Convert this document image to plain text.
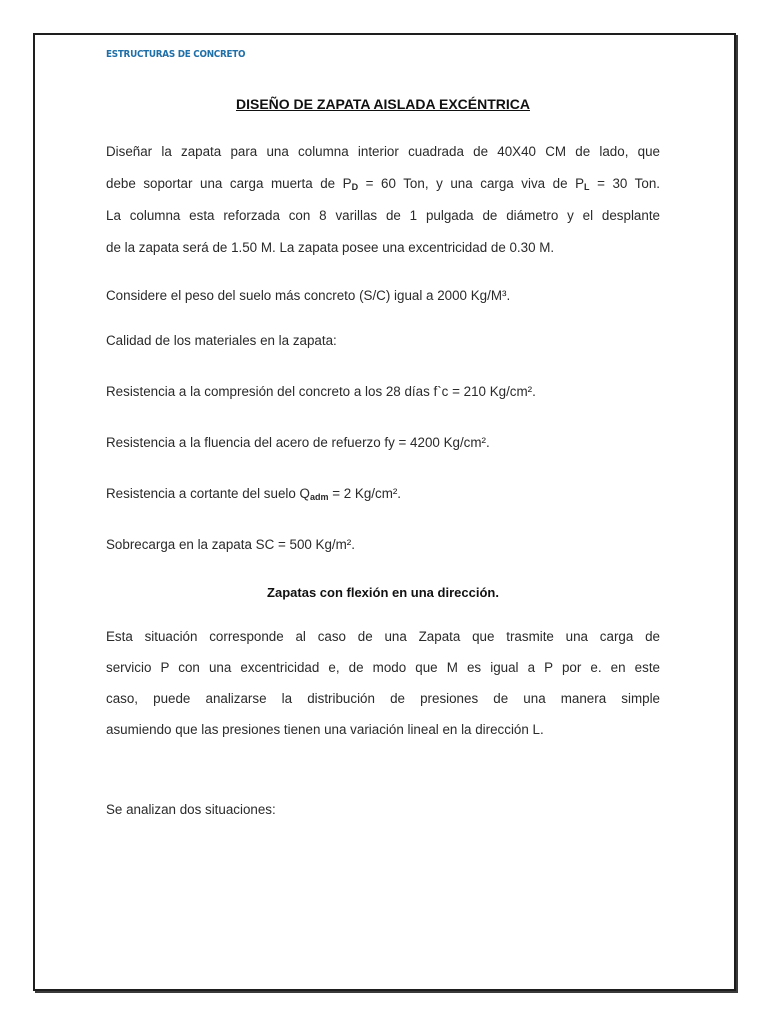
ESTRUCTURAS DE CONCRETO
DISEÑO DE ZAPATA AISLADA EXCÉNTRICA
Diseñar la zapata para una columna interior cuadrada de 40X40 CM de lado, que
debe soportar una carga muerta de $P_D = 60$ Ton, y una carga viva de $P_L = 30$ Ton.
La columna esta reforzada con 8 varillas de 1 pulgada de diámetro y el desplante
de la zapata será de 1.50 M. La zapata posee una excentricidad de 0.30 M.
Considere el peso del suelo más concreto (S/C) igual a 2000 Kg/M³.
Calidad de los materiales en la zapata:
Resistencia a la compresión del concreto a los 28 días f`c = 210 Kg/cm².
Resistencia a la fluencia del acero de refuerzo fy = 4200 Kg/cm².
Resistencia a cortante del suelo $Q_{adm} = 2$ Kg/cm².
Sobrecarga en la zapata SC = 500 Kg/m².
Zapatas con flexión en una dirección.
Esta situación corresponde al caso de una Zapata que trasmite una carga de
servicio P con una excentricidad e, de modo que M es igual a P por e. en este
caso, puede analizarse la distribución de presiones de una manera simple
asumiendo que las presiones tienen una variación lineal en la dirección L.
Se analizan dos situaciones:
